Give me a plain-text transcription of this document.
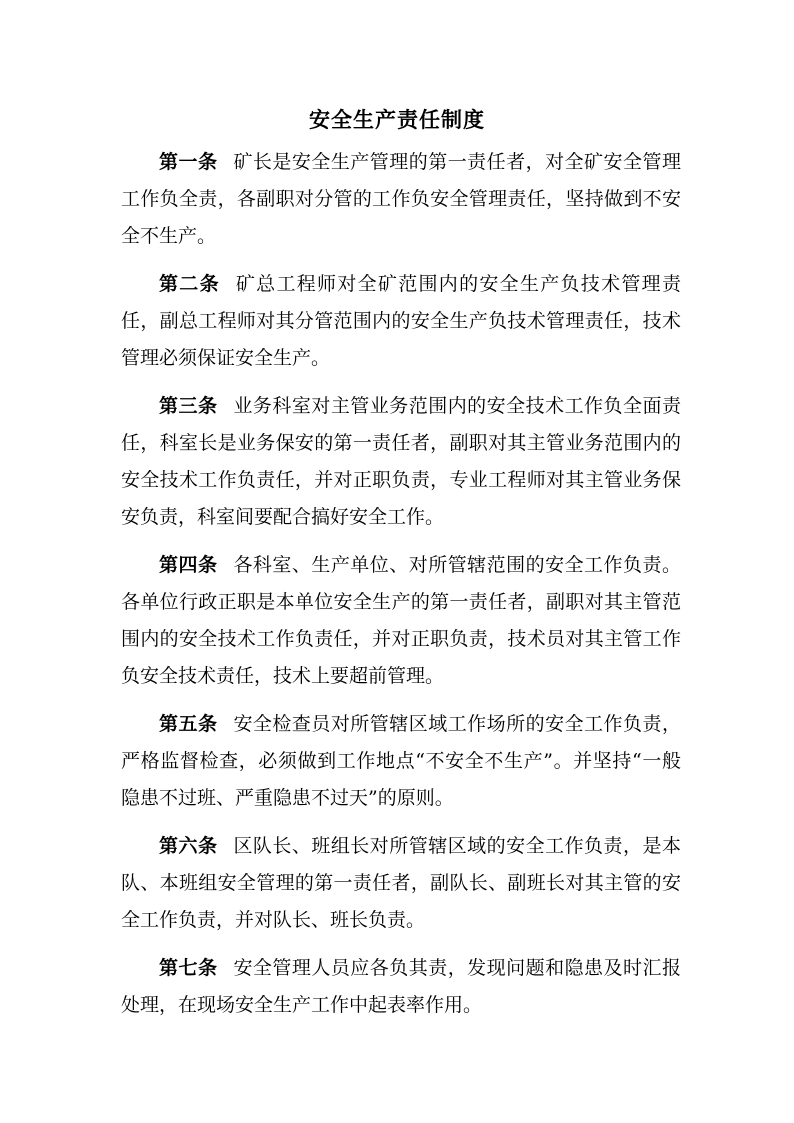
安全生产责任制度
第一条 矿长是安全生产管理的第一责任者，对全矿安全管理工作负全责，各副职对分管的工作负安全管理责任，坚持做到不安全不生产。
第二条 矿总工程师对全矿范围内的安全生产负技术管理责任，副总工程师对其分管范围内的安全生产负技术管理责任，技术管理必须保证安全生产。
第三条 业务科室对主管业务范围内的安全技术工作负全面责任，科室长是业务保安的第一责任者，副职对其主管业务范围内的安全技术工作负责任，并对正职负责，专业工程师对其主管业务保安负责，科室间要配合搞好安全工作。
第四条 各科室、生产单位、对所管辖范围的安全工作负责。各单位行政正职是本单位安全生产的第一责任者，副职对其主管范围内的安全技术工作负责任，并对正职负责，技术员对其主管工作负安全技术责任，技术上要超前管理。
第五条 安全检查员对所管辖区域工作场所的安全工作负责，严格监督检查，必须做到工作地点“不安全不生产”。并坚持“一般隐患不过班、严重隐患不过天”的原则。
第六条 区队长、班组长对所管辖区域的安全工作负责，是本队、本班组安全管理的第一责任者，副队长、副班长对其主管的安全工作负责，并对队长、班长负责。
第七条 安全管理人员应各负其责，发现问题和隐患及时汇报处理，在现场安全生产工作中起表率作用。
